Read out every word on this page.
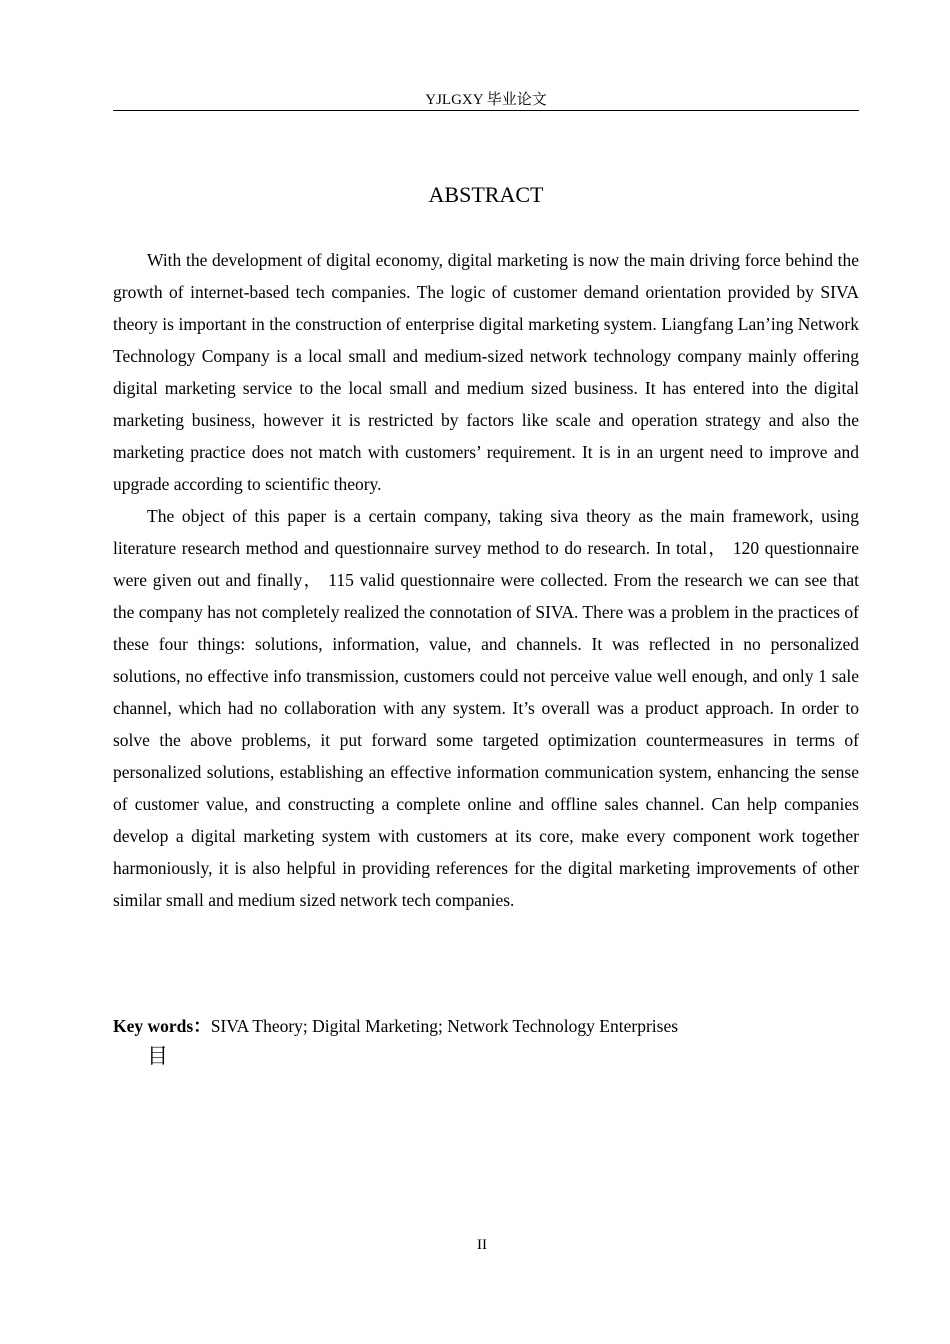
YJLGXY 毕业论文
ABSTRACT

With the development of digital economy, digital marketing is now the main driving force behind the growth of internet-based tech companies. The logic of customer demand orientation provided by SIVA theory is important in the construction of enterprise digital marketing system. Liangfang Lan’ing Network Technology Company is a local small and medium-sized network technology company mainly offering digital marketing service to the local small and medium sized business. It has entered into the digital marketing business, however it is restricted by factors like scale and operation strategy and also the marketing practice does not match with customers’ requirement. It is in an urgent need to improve and upgrade according to scientific theory.

The object of this paper is a certain company, taking siva theory as the main framework, using literature research method and questionnaire survey method to do research. In total， 120 questionnaire were given out and finally， 115 valid questionnaire were collected. From the research we can see that the company has not completely realized the connotation of SIVA. There was a problem in the practices of these four things: solutions, information, value, and channels. It was reflected in no personalized solutions, no effective info transmission, customers could not perceive value well enough, and only 1 sale channel, which had no collaboration with any system. It’s overall was a product approach. In order to solve the above problems, it put forward some targeted optimization countermeasures in terms of personalized solutions, establishing an effective information communication system, enhancing the sense of customer value, and constructing a complete online and offline sales channel. Can help companies develop a digital marketing system with customers at its core, make every component work together harmoniously, it is also helpful in providing references for the digital marketing improvements of other similar small and medium sized network tech companies.

Key words：SIVA Theory; Digital Marketing; Network Technology Enterprises
目
II
